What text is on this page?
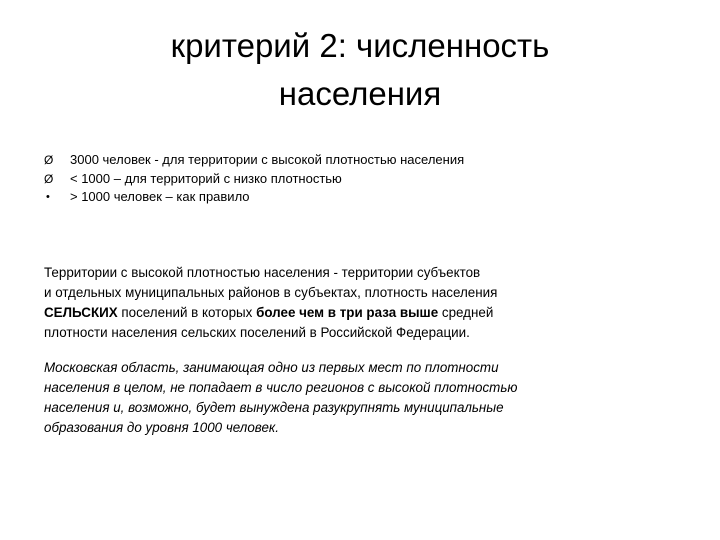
критерий 2: численность
населения
Ø	3000 человек - для территории с высокой плотностью населения
Ø	< 1000 – для территорий с низко плотностью
•	> 1000 человек – как правило

Территории с высокой плотностью населения - территории субъектов
и отдельных муниципальных районов в субъектах, плотность населения
СЕЛЬСКИХ поселений в которых более чем в три раза выше средней
плотности населения сельских поселений в Российской Федерации.

Московская область, занимающая одно из первых мест по плотности
населения в целом, не попадает в число регионов с высокой плотностью
населения и, возможно, будет вынуждена разукрупнять муниципальные
образования до уровня 1000 человек.
